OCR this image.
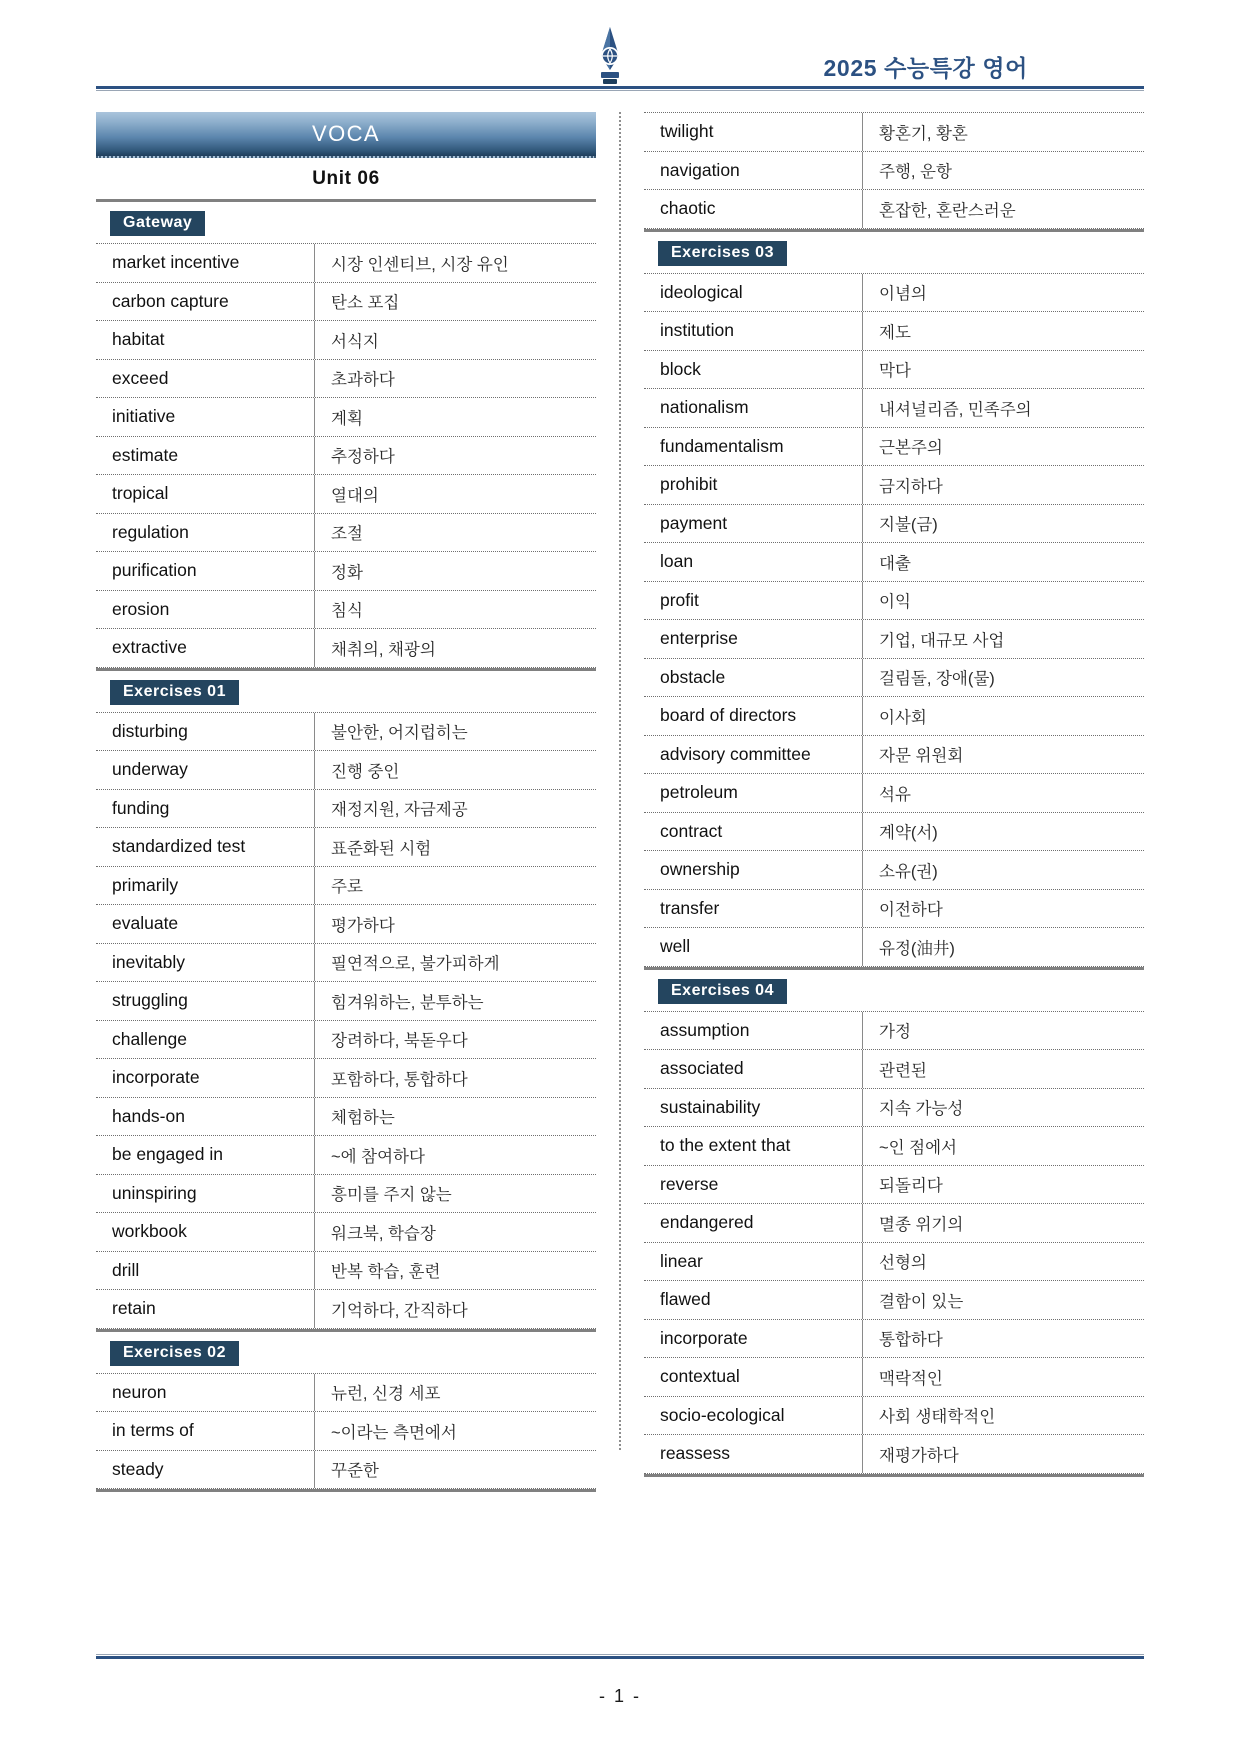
2025 수능특강 영어
VOCA
Unit 06
Gateway
market incentive	시장 인센티브, 시장 유인
carbon capture	탄소 포집
habitat	서식지
exceed	초과하다
initiative	계획
estimate	추정하다
tropical	열대의
regulation	조절
purification	정화
erosion	침식
extractive	채취의, 채광의
Exercises 01
disturbing	불안한, 어지럽히는
underway	진행 중인
funding	재정지원, 자금제공
standardized test	표준화된 시험
primarily	주로
evaluate	평가하다
inevitably	필연적으로, 불가피하게
struggling	힘겨워하는, 분투하는
challenge	장려하다, 북돋우다
incorporate	포함하다, 통합하다
hands-on	체험하는
be engaged in	~에 참여하다
uninspiring	흥미를 주지 않는
workbook	워크북, 학습장
drill	반복 학습, 훈련
retain	기억하다, 간직하다
Exercises 02
neuron	뉴런, 신경 세포
in terms of	~이라는 측면에서
steady	꾸준한
twilight	황혼기, 황혼
navigation	주행, 운항
chaotic	혼잡한, 혼란스러운
Exercises 03
ideological	이념의
institution	제도
block	막다
nationalism	내셔널리즘, 민족주의
fundamentalism	근본주의
prohibit	금지하다
payment	지불(금)
loan	대출
profit	이익
enterprise	기업, 대규모 사업
obstacle	걸림돌, 장애(물)
board of directors	이사회
advisory committee	자문 위원회
petroleum	석유
contract	계약(서)
ownership	소유(권)
transfer	이전하다
well	유정(油井)
Exercises 04
assumption	가정
associated	관련된
sustainability	지속 가능성
to the extent that	~인 점에서
reverse	되돌리다
endangered	멸종 위기의
linear	선형의
flawed	결함이 있는
incorporate	통합하다
contextual	맥락적인
socio-ecological	사회 생태학적인
reassess	재평가하다
- 1 -
